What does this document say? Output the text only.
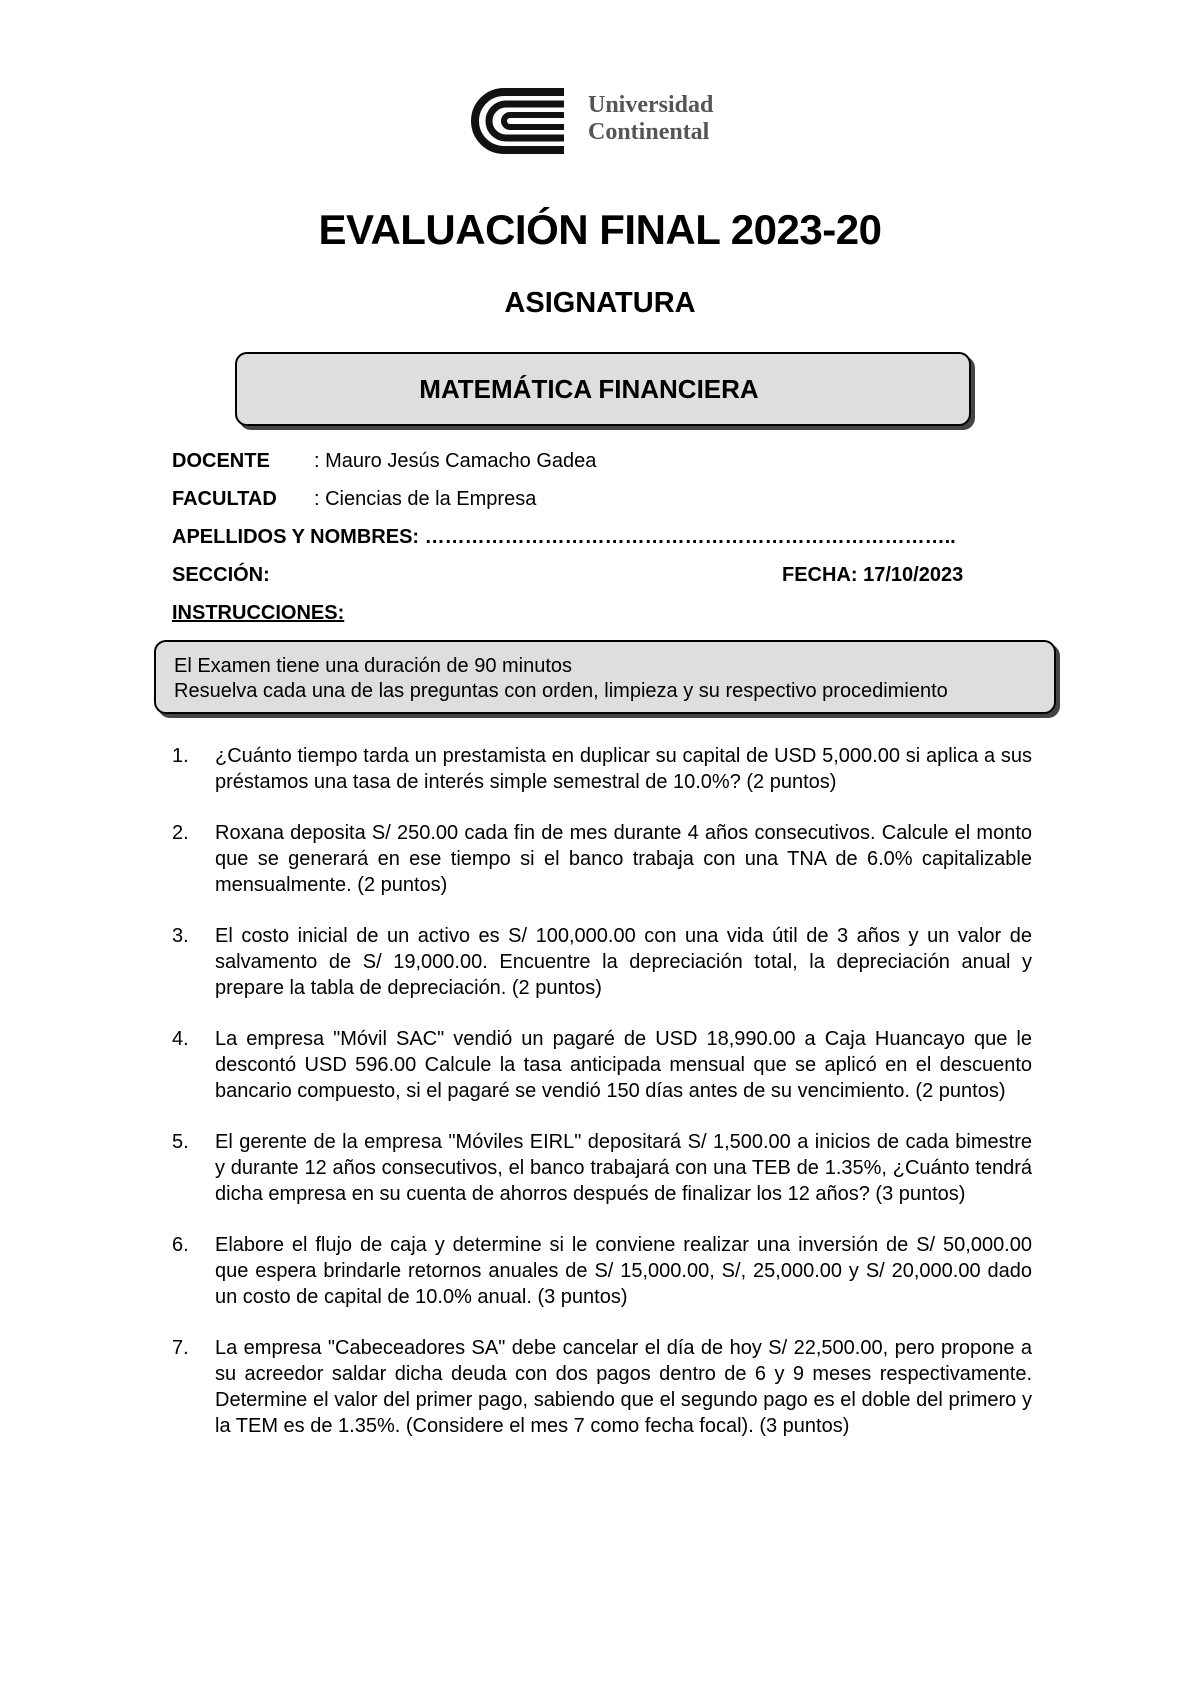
Universidad
Continental
EVALUACIÓN FINAL 2023-20
ASIGNATURA
MATEMÁTICA FINANCIERA
DOCENTE : Mauro Jesús Camacho Gadea
FACULTAD : Ciencias de la Empresa
APELLIDOS Y NOMBRES: ……………………………………………………………………..
SECCIÓN:	FECHA: 17/10/2023
INSTRUCCIONES:
El Examen tiene una duración de 90 minutos
Resuelva cada una de las preguntas con orden, limpieza y su respectivo procedimiento
1.	¿Cuánto tiempo tarda un prestamista en duplicar su capital de USD 5,000.00 si aplica a sus préstamos una tasa de interés simple semestral de 10.0%? (2 puntos)
2.	Roxana deposita S/ 250.00 cada fin de mes durante 4 años consecutivos. Calcule el monto que se generará en ese tiempo si el banco trabaja con una TNA de 6.0% capitalizable mensualmente. (2 puntos)
3.	El costo inicial de un activo es S/ 100,000.00 con una vida útil de 3 años y un valor de salvamento de S/ 19,000.00. Encuentre la depreciación total, la depreciación anual y prepare la tabla de depreciación. (2 puntos)
4.	La empresa "Móvil SAC" vendió un pagaré de USD 18,990.00 a Caja Huancayo que le descontó USD 596.00 Calcule la tasa anticipada mensual que se aplicó en el descuento bancario compuesto, si el pagaré se vendió 150 días antes de su vencimiento. (2 puntos)
5.	El gerente de la empresa "Móviles EIRL" depositará S/ 1,500.00 a inicios de cada bimestre y durante 12 años consecutivos, el banco trabajará con una TEB de 1.35%, ¿Cuánto tendrá dicha empresa en su cuenta de ahorros después de finalizar los 12 años? (3 puntos)
6.	Elabore el flujo de caja y determine si le conviene realizar una inversión de S/ 50,000.00 que espera brindarle retornos anuales de S/ 15,000.00, S/, 25,000.00 y S/ 20,000.00 dado un costo de capital de 10.0% anual. (3 puntos)
7.	La empresa "Cabeceadores SA" debe cancelar el día de hoy S/ 22,500.00, pero propone a su acreedor saldar dicha deuda con dos pagos dentro de 6 y 9 meses respectivamente. Determine el valor del primer pago, sabiendo que el segundo pago es el doble del primero y la TEM es de 1.35%. (Considere el mes 7 como fecha focal). (3 puntos)
